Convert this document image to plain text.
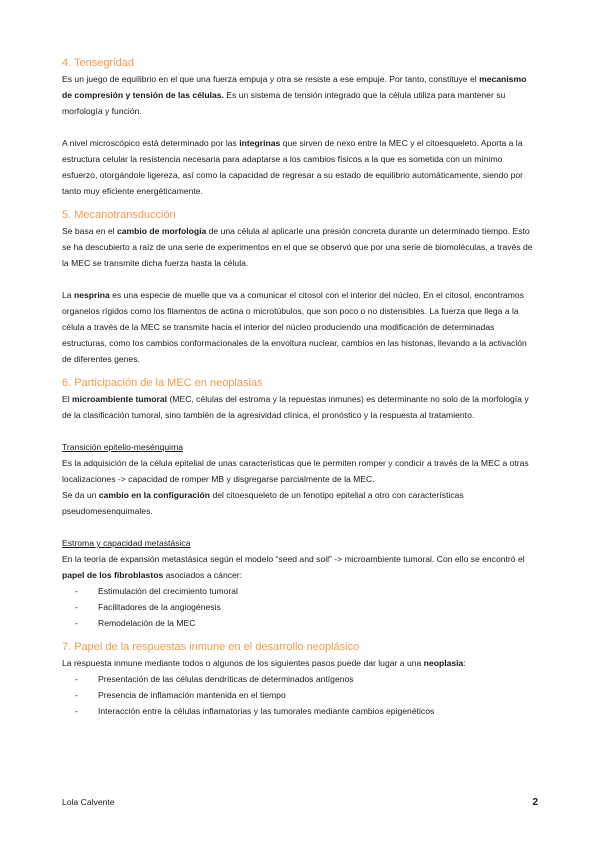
4. Tensegridad

Es un juego de equilibrio en el que una fuerza empuja y otra se resiste a ese empuje. Por tanto, constituye el mecanismo de compresión y tensión de las células. Es un sistema de tensión integrado que la célula utiliza para mantener su morfología y función.

A nivel microscópico está determinado por las integrinas que sirven de nexo entre la MEC y el citoesqueleto. Aporta a la estructura celular la resistencia necesaria para adaptarse a los cambios físicos a la que es sometida con un mínimo esfuerzo, otorgándole ligereza, así como la capacidad de regresar a su estado de equilibrio automáticamente, siendo por tanto muy eficiente energéticamente.

5. Mecanotransducción

Se basa en el cambio de morfología de una célula al aplicarle una presión concreta durante un determinado tiempo. Esto se ha descubierto a raíz de una serie de experimentos en el que se observó que por una serie de biomoléculas, a través de la MEC se transmite dicha fuerza hasta la célula.

La nesprina es una especie de muelle que va a comunicar el citosol con el interior del núcleo. En el citosol, encontramos organelos rígidos como los filamentos de actina o microtúbulos, que son poco o no distensibles. La fuerza que llega a la célula a través de la MEC se transmite hacia el interior del núcleo produciendo una modificación de determinadas estructuras, como los cambios conformacionales de la envoltura nuclear, cambios en las histonas, llevando a la activación de diferentes genes.

6. Participación de la MEC en neoplasias

El microambiente tumoral (MEC, células del estroma y la repuestas inmunes) es determinante no solo de la morfología y de la clasificación tumoral, sino también de la agresividad clínica, el pronóstico y la respuesta al tratamiento.

Transición epitelio-mesénquima

Es la adquisición de la célula epitelial de unas características que le permiten romper y condicir a través de la MEC a otras localizaciones -> capacidad de romper MB y disgregarse parcialmente de la MEC.

Se da un cambio en la configuración del citoesqueleto de un fenotipo epitelial a otro con características pseudomesenquimales.

Estroma y capacidad metastásica

En la teoría de expansión metastásica según el modelo “seed and soil” -> microambiente tumoral. Con ello se encontró el papel de los fibroblastos asociados a cáncer:

- Estimulación del crecimiento tumoral
- Facilitadores de la angiogénesis
- Remodelación de la MEC
7. Papel de la respuestas inmune en el desarrollo neoplásico

La respuesta inmune mediante todos o algunos de los siguientes pasos puede dar lugar a una neoplasia:

- Presentación de las células dendríticas de determinados antígenos
- Presencia de inflamación mantenida en el tiempo
- Interacción entre la células inflamatorias y las tumorales mediante cambios epigenéticos
Lola Calvente	2
